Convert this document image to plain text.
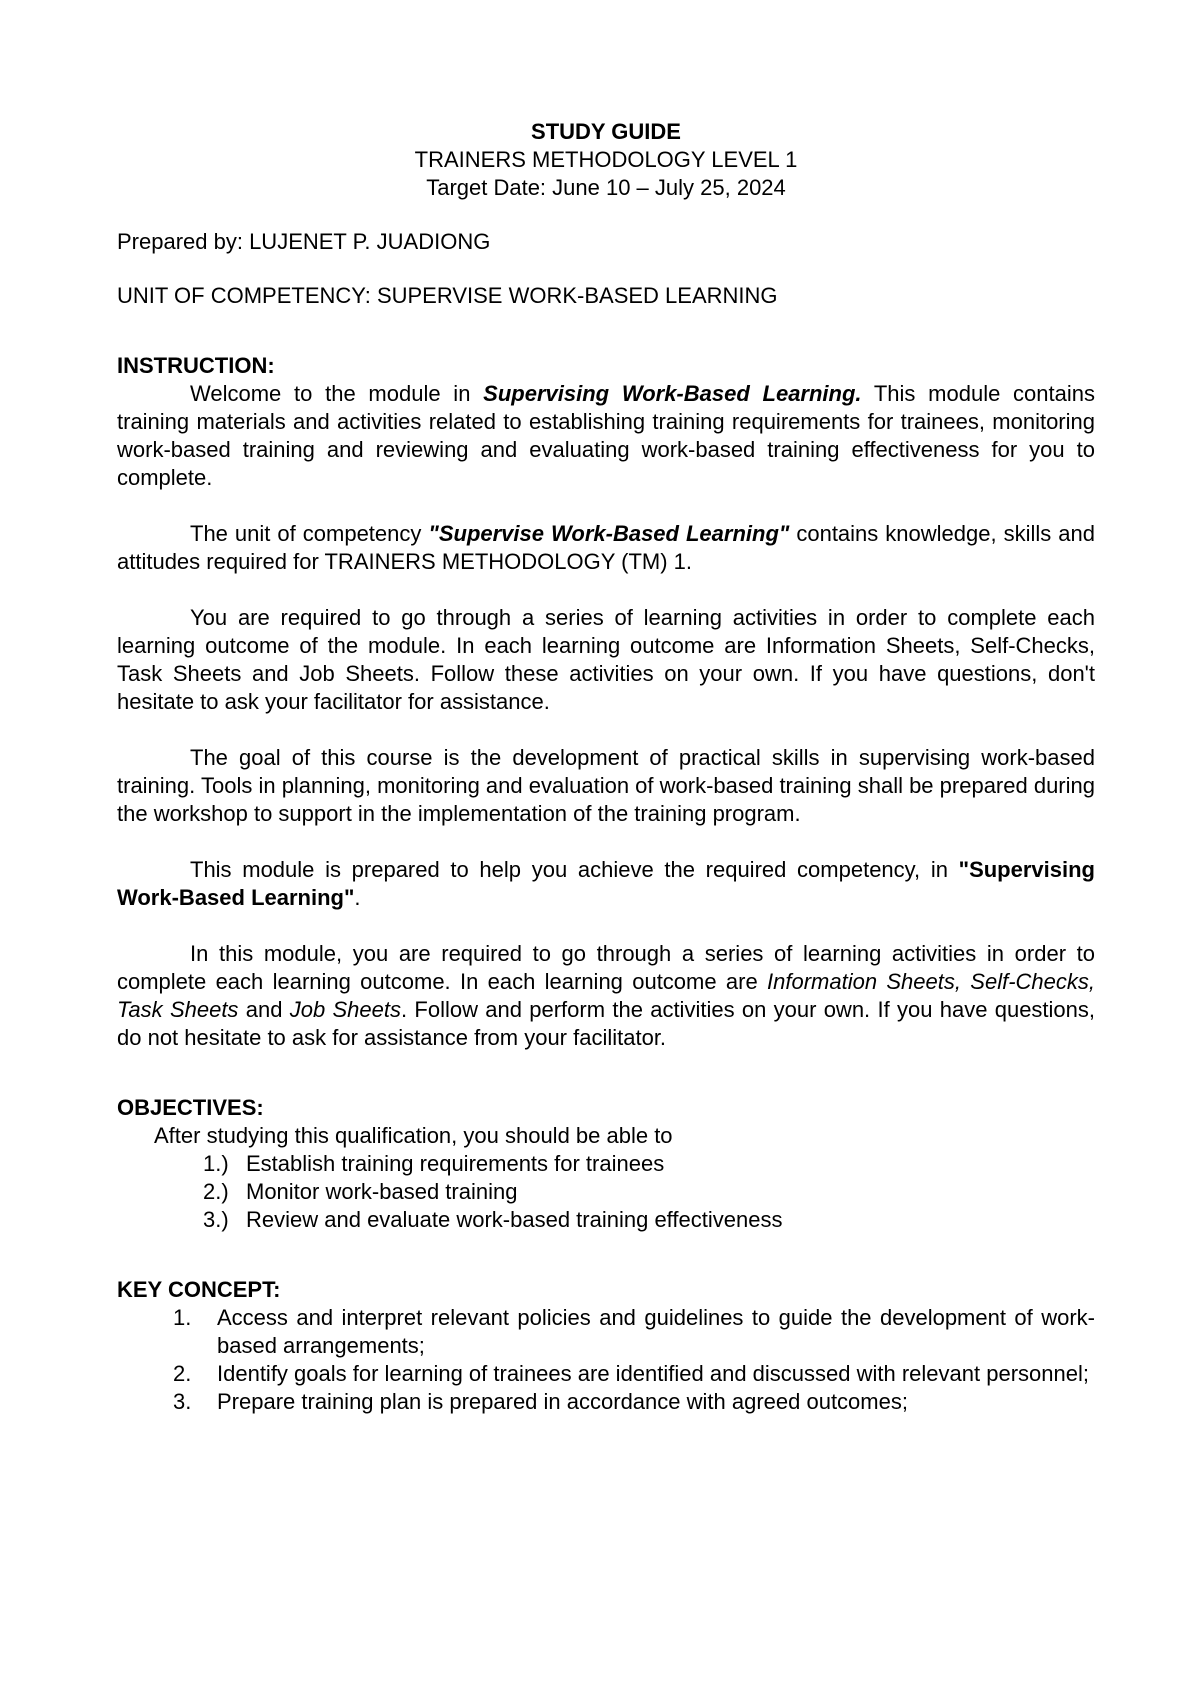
STUDY GUIDE

TRAINERS METHODOLOGY LEVEL 1

Target Date: June 10 – July 25, 2024

Prepared by: LUJENET P. JUADIONG

UNIT OF COMPETENCY: SUPERVISE WORK-BASED LEARNING

INSTRUCTION:

Welcome to the module in Supervising Work-Based Learning. This module contains training materials and activities related to establishing training requirements for trainees, monitoring work-based training and reviewing and evaluating work-based training effectiveness for you to complete.

The unit of competency "Supervise Work-Based Learning" contains knowledge, skills and attitudes required for TRAINERS METHODOLOGY (TM) 1.

You are required to go through a series of learning activities in order to complete each learning outcome of the module. In each learning outcome are Information Sheets, Self-Checks, Task Sheets and Job Sheets. Follow these activities on your own. If you have questions, don't hesitate to ask your facilitator for assistance.

The goal of this course is the development of practical skills in supervising work-based training. Tools in planning, monitoring and evaluation of work-based training shall be prepared during the workshop to support in the implementation of the training program.

This module is prepared to help you achieve the required competency, in "Supervising Work-Based Learning".

In this module, you are required to go through a series of learning activities in order to complete each learning outcome. In each learning outcome are Information Sheets, Self-Checks, Task Sheets and Job Sheets. Follow and perform the activities on your own. If you have questions, do not hesitate to ask for assistance from your facilitator.

OBJECTIVES:

After studying this qualification, you should be able to

1.) Establish training requirements for trainees
2.) Monitor work-based training
3.) Review and evaluate work-based training effectiveness

KEY CONCEPT:

1. Access and interpret relevant policies and guidelines to guide the development of work-based arrangements;
2. Identify goals for learning of trainees are identified and discussed with relevant personnel;
3. Prepare training plan is prepared in accordance with agreed outcomes;
